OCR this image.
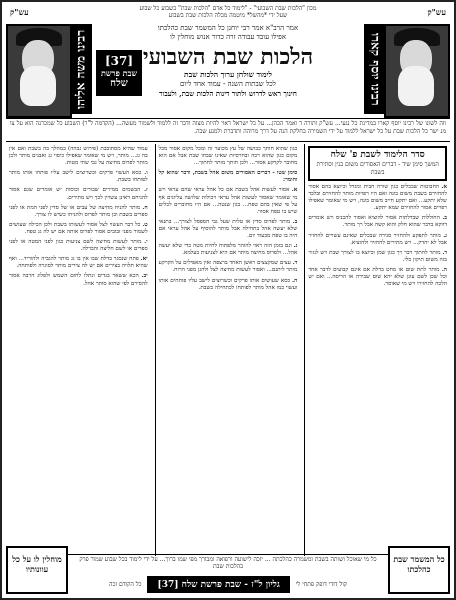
עש"ק
מכון "הלכות שבת השבועי" - "לימוד כל אדם "הלכות שבת" בשבוע כל שבוע
שעל ידי *מהשל* מיטמה מבלה הלכות שבת בשבוע
עש"ק
רבינו יוסף קארו
רבינו משה אליהו
אמר הרב"א אמר רבי יוחנן כל המשמר שבת כהלכתו
אפילו עובד עבודה זרה כדור אנוש מוחלין לו
הלכות שבת השבועי
לימוד שולחן ערוך הלכות שבת
לכל שבתות השנה - עמוד אחד ליום
חינוך ראש לדרוש ולתור דינות הלכות שבת, ולעבור
[37]
שבת פרשת
שלח
וזה לשונו של רבינו יוסף קארו במדינת כל נגעי... עש"ק ותורה ד ואמר הכהן... על כל ישראל ראוי להיות מצוה ודבר זה ללמוד ולשמור מעשה... (הקדמה ל"ר) השבוע כל שמכרנה הוא על צו מנ ישר כל הלכות שבת על כל ישראל ללמוד על ידי השמירה בחלקת הנה על דרך מרוהה ותדברת ולמנע שבה.
סדר הלימוד לשבת פ' שלח
המשך סימן שיד - דברים האסורים משום בנין וסתירת בשבת
א. החבוטות שבכלים כגון שורה חבית ומגדל וכיוצא בהם אסור להחזירם בשבת משום בונה ואם היו רפויות מותר להחזירם ובלבד שלא יתקע... ואם יתקע חייב משום בונה, ויש מי שאומר שאפילו רפויים אסור להחזירם שמא יתקע.
ב. החוללות שבדלתות אסור להוציא ואסור להכניס ויש אומרים דווקא בדבר שהוא חלק והוא קשה אבל רך מותר.
ג. מותר לתפקע ולהחזיר סגירה שבכלים שאינם עשויים להחזיר אבל לא יהדק... ויש מתירים להחזיר ולהוציא.
ד. מותר לחתוך דבר רך כגון שמן וכיוצא בו לצורך שבת ויש לגזור בזה משום תיקון כלי.
ה. מותר לתת שום או מחט בדלת אם אינם קבועים לדבר אחד וכל שכן לשם עוגן שלא יהא שום שבירה או הריסה... ואם יש הלכה להחזירו ויש מי שאוסר.
כגון שהוא חותך כבושה של עץ מכוער זה ומכל מקום אסור מכל מקום כגון שהוא רכה ובחרסיות שאינו שבחו שבת אבל אם הוא מחובר לקרקע אסור... ולכן חותך מותר לחתוך...
סימן שטו - דברים האסורים משום אהל בשבת, ודבר שהוא קל וחומר:
א. אסור לעשות אהל בשבת אם כל אהל עראי שהם עראי ויש מי שאומר שאסור לעשות אהל עראי ויכולות שלושה עליונים אף על פי שאין בהם טפח... כגון שנטה... אם היו מחוברים לכלים שיש בו טפח אסור.
ב. מותר לפרוס סדין או טלית שעל גבי הספסל לצורך... בתנאי שלא יעשה אהל בתחילה אבל מותר להוסיף על אהל עראי אם היה בו טפח מבעוד יום.
ג. וגם בזמן הזה ראוי להזהר מלפתוח לחיות מטה כדי שלא יעשה אהל... ולפרוס מחיצה מותר אם היא לצניעות בעלמא.
ד. עצים שמקצצים ראשן האחד ברצפה ואין מאפילים על הקרקע מותר ליתנם... ואסור לעשות מחיצה לצל ולהגן מפני הרוח.
ה. כסא שעושים אותו פרקים וכשרוצים לישב עליו פותחים אותו ועשוי כמו אהל מותר לפותחו לכתחילה בשבת.
עמוד שהיא מסתובבת (פירוש גבהה) במהלך בה בשבת ואם אין בה גג... מותר, ויש מי שאומר שאפילו כיסוי גג ואבנים מותר ולכן מותר לפרוס מחיצה על גבי שתי מטות.
ו. כסא העשוי פרקים וכשרוצים לישב עליו פותחו אותו מותר לפותחו בשבת.
ז. הבשמים ממירים שבורים וכוסות יש אומרים שגם אסור להניחם דאינן עשויין לכך ויש מתירים.
ח. מותר להניח מחיצה של עבים או של סדין לפני המת או לפני ספרים בשבת וכן מותר לפרוס ולהניחו כשיש לו צורך.
ט. כל דבר העשוי לצל אסור לעשותו בשבת ולכן הכילה שעושים לשמור מפני זבובים אסור לפרוס אותה אם יש לה גג טפח.
י. מותר לעשות מחיצה לשם צניעות כגון לפני המטה או לפני ספרים או לשם חליצה והבדלה.
יא. פתח שנסגר בדלת שבו אין בו גג מותר להגביה ולהוריד... ואף שהיא תלויה בצירים אם יש לה צירים מותר לסוגרה ולפותחה.
יב. הכא ששאר בגדים ונתלו לחום השמש ולפלוג הרבה אסור להסירם לפי שהוא סותר אהל.
כל מי שאוכל ושותה בשבת ומשמרה כהלכתה ... יזכה לישועה ורפואה ומבורך מפי שמו ברוך... על ידי לימוד בכל שבוע שמור פרק בהלכות שבת
כל המשמר שבת כהלכתו
מוחלין לו על כל עוונותיו
קול דודי דופק פתחי לי
גליון ל"ז - שבת פרשת שלח [37]
כל הקודם זכה
